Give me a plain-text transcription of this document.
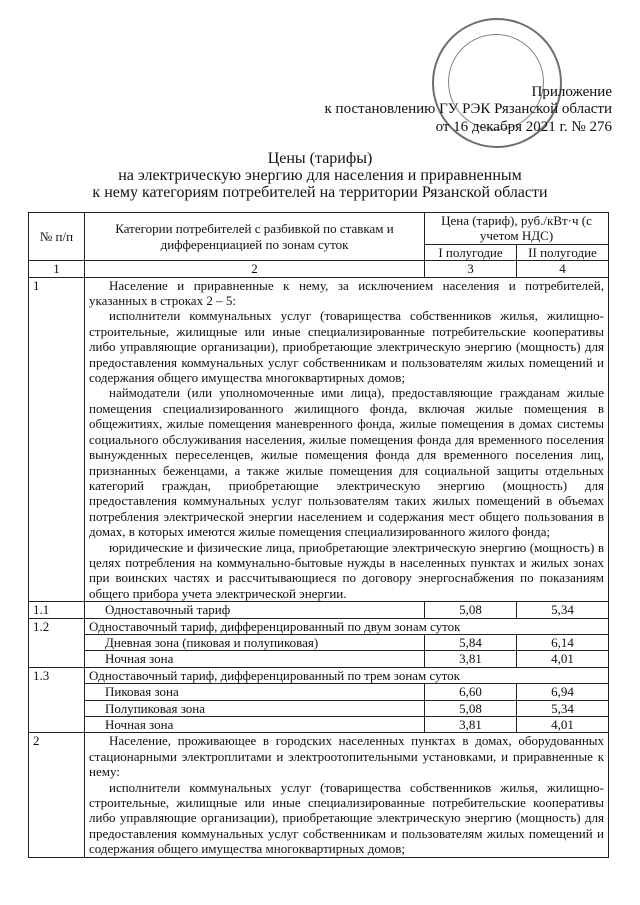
Приложение
к постановлению ГУ РЭК Рязанской области
от 16 декабря 2021 г. № 276
Цены (тарифы)
на электрическую энергию для населения и приравненным
к нему категориям потребителей на территории Рязанской области
№ п/п	Категории потребителей с разбивкой по ставкам и дифференциацией по зонам суток	Цена (тариф), руб./кВт·ч (с учетом НДС)	
		I полугодие	II полугодие
1	2	3	4
1	Население и приравненные к нему, за исключением населения и потребителей, указанных в строках 2 – 5:

исполнители коммунальных услуг (товарищества собственников жилья, жилищно-строительные, жилищные или иные специализированные потребительские кооперативы либо управляющие организации), приобретающие электрическую энергию (мощность) для предоставления коммунальных услуг собственникам и пользователям жилых помещений и содержания общего имущества многоквартирных домов;

наймодатели (или уполномоченные ими лица), предоставляющие гражданам жилые помещения специализированного жилищного фонда, включая жилые помещения в общежитиях, жилые помещения маневренного фонда, жилые помещения в домах системы социального обслуживания населения, жилые помещения фонда для временного поселения вынужденных переселенцев, жилые помещения фонда для временного поселения лиц, признанных беженцами, а также жилые помещения для социальной защиты отдельных категорий граждан, приобретающие электрическую энергию (мощность) для предоставления коммунальных услуг пользователям таких жилых помещений в объемах потребления электрической энергии населением и содержания мест общего пользования в домах, в которых имеются жилые помещения специализированного жилого фонда;

юридические и физические лица, приобретающие электрическую энергию (мощность) в целях потребления на коммунально-бытовые нужды в населенных пунктах и жилых зонах при воинских частях и рассчитывающиеся по договору энергоснабжения по показаниям общего прибора учета электрической энергии.		

1.1	Одноставочный тариф	5,08	5,34
1.2	Одноставочный тариф, дифференцированный по двум зонам суток		
	Дневная зона (пиковая и полупиковая)	5,84	6,14
	Ночная зона	3,81	4,01
1.3	Одноставочный тариф, дифференцированный по трем зонам суток		
	Пиковая зона	6,60	6,94
	Полупиковая зона	5,08	5,34
	Ночная зона	3,81	4,01
2	Население, проживающее в городских населенных пунктах в домах, оборудованных стационарными электроплитами и электроотопительными установками, и приравненные к нему:

исполнители коммунальных услуг (товарищества собственников жилья, жилищно-строительные, жилищные или иные специализированные потребительские кооперативы либо управляющие организации), приобретающие электрическую энергию (мощность) для предоставления коммунальных услуг собственникам и пользователям жилых помещений и содержания общего имущества многоквартирных домов;		
